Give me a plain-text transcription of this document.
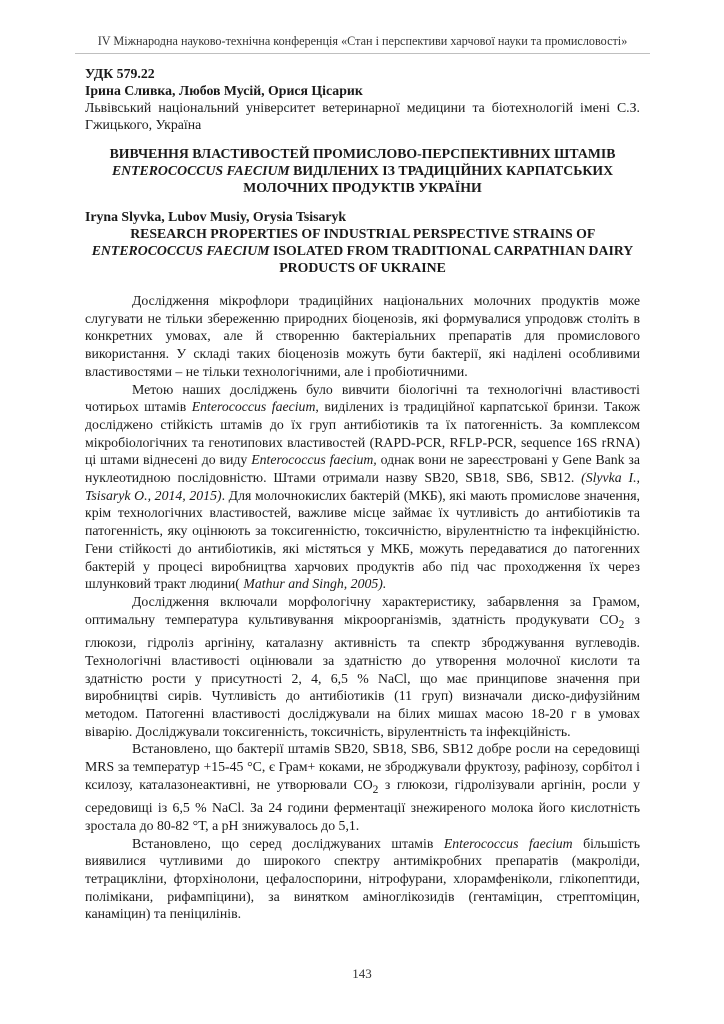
IV Міжнародна науково-технічна конференція «Стан і перспективи харчової науки та промисловості»
УДК 579.22
Ірина Сливка, Любов Мусій, Орися Цісарик
Львівський національний університет ветеринарної медицини та біотехнологій імені С.З. Гжицького, Україна
ВИВЧЕННЯ ВЛАСТИВОСТЕЙ ПРОМИСЛОВО-ПЕРСПЕКТИВНИХ ШТАМІВ ENTEROCOCCUS FAECIUM ВИДІЛЕНИХ ІЗ ТРАДИЦІЙНИХ КАРПАТСЬКИХ МОЛОЧНИХ ПРОДУКТІВ УКРАЇНИ
Iryna Slyvka, Lubov Musiy, Orysia Tsisaryk
RESEARCH PROPERTIES OF INDUSTRIAL PERSPECTIVE STRAINS OF ENTEROCOCCUS FAECIUM ISOLATED FROM TRADITIONAL CARPATHIAN DAIRY PRODUCTS OF UKRAINE

Дослідження мікрофлори традиційних національних молочних продуктів може слугувати не тільки збереженню природних біоценозів, які формувалися упродовж століть в конкретних умовах, але й створенню бактеріальних препаратів для промислового використання. У складі таких біоценозів можуть бути бактерії, які наділені особливими властивостями – не тільки технологічними, але і пробіотичними.

Метою наших досліджень було вивчити біологічні та технологічні властивості чотирьох штамів Enterococcus faecium, виділених із традиційної карпатської бринзи. Також досліджено стійкість штамів до їх груп антибіотиків та їх патогенність. За комплексом мікробіологічних та генотипових властивостей (RAPD-PCR, RFLP-PCR, sequence 16S rRNA) ці штами віднесені до виду Enterococcus faecium, однак вони не зареєстровані у Gene Bank за нуклеотидною послідовністю. Штами отримали назву SB20, SB18, SB6, SB12. (Slyvka I., Tsisaryk O., 2014, 2015). Для молочнокислих бактерій (МКБ), які мають промислове значення, крім технологічних властивостей, важливе місце займає їх чутливість до антибіотиків та патогенність, яку оцінюють за токсигенністю, токсичністю, вірулентністю та інфекційністю. Гени стійкості до антибіотиків, які містяться у МКБ, можуть передаватися до патогенних бактерій у процесі виробництва харчових продуктів або під час проходження їх через шлунковий тракт людини( Mathur and Singh, 2005).

Дослідження включали морфологічну характеристику, забарвлення за Грамом, оптимальну температура культивування мікроорганізмів, здатність продукувати $CO_2$ з глюкози, гідроліз аргініну, каталазну активність та спектр зброджування вуглеводів. Технологічні властивості оцінювали за здатністю до утворення молочної кислоти та здатністю рости у присутності 2, 4, 6,5 % NaCl, що має принципове значення при виробництві сирів. Чутливість до антибіотиків (11 груп) визначали диско-дифузійним методом. Патогенні властивості досліджували на білих мишах масою 18-20 г в умовах віварію. Досліджували токсигенність, токсичність, вірулентність та інфекційність.

Встановлено, що бактерії штамів SB20, SB18, SB6, SB12 добре росли на середовищі MRS за температур +15-45 °С, є Грам+ коками, не зброджували фруктозу, рафінозу, сорбітол і ксилозу, каталазонеактивні, не утворювали $CO_2$ з глюкози, гідролізували аргінін, росли у середовищі із 6,5 % NaCl. За 24 години ферментації знежиреного молока його кислотність зростала до 80-82 °Т, а pH знижувалось до 5,1.

Встановлено, що серед досліджуваних штамів Enterococcus faecium більшість виявилися чутливими до широкого спектру антимікробних препаратів (макроліди, тетрацикліни, фторхінолони, цефалоспорини, нітрофурани, хлорамфеніколи, глікопептиди, полімікани, рифампіцини), за винятком аміноглікозидів (гентаміцин, стрептоміцин, канаміцин) та пеніцилінів.

143
